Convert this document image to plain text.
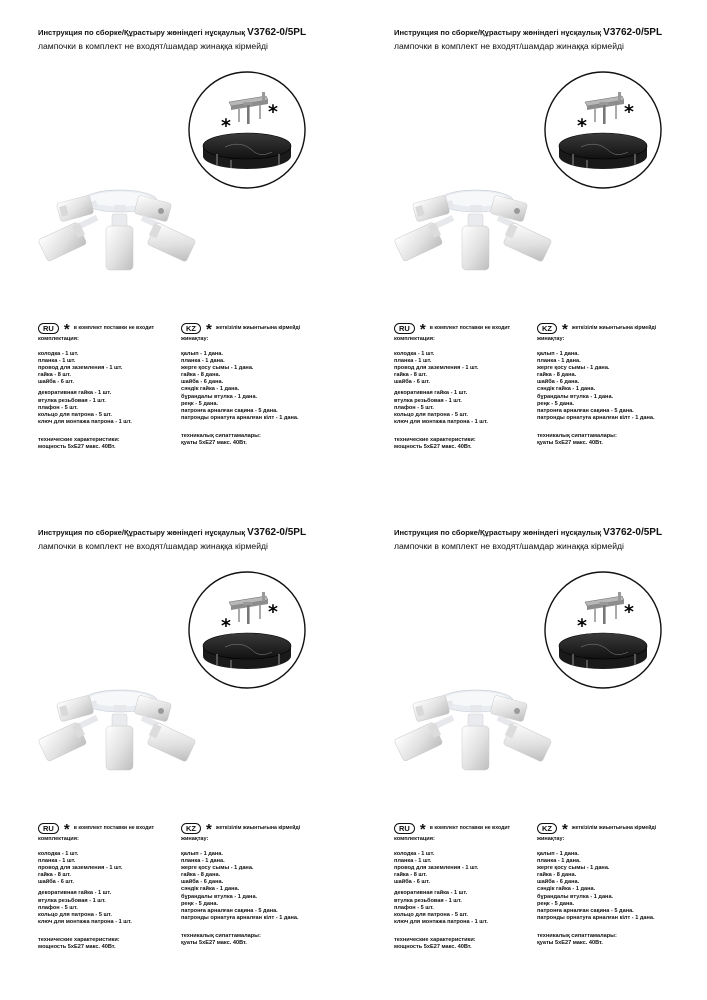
Инструкция по сборке/Құрастыру жөніндегі нұсқаулық V3762-0/5PL
лампочки в комплект не входят/шамдар жинаққа кірмейді
*
*
RU * в комплект поставки не входит
комплектация:
колодка - 1 шт.
планка - 1 шт.
провод для заземления - 1 шт.
гайка - 8 шт.
шайба - 6 шт.
декоративная гайка - 1 шт.
втулка резьбовая - 1 шт.
плафон - 5 шт.
кольцо для патрона - 5 шт.
ключ для монтажа патрона - 1 шт.
технические характеристики:
мощность 5хЕ27 макс. 40Вт.
KZ * жеткізілім жиынтығына кірмейді
жинақтау:
қалып - 1 дана.
планка - 1 дана.
жерге қосу сымы - 1 дана.
гайка - 8 дана.
шайба - 6 дана.
сәндік гайка - 1 дана.
бұрандалы втулка - 1 дана.
реңк - 5 дана.
патронға арналған сақина - 5 дана.
патронды орнатуға арналған кілт - 1 дана.
техникалық сипаттамалары:
қуаты 5хЕ27 макс. 40Вт.
Инструкция по сборке/Құрастыру жөніндегі нұсқаулық V3762-0/5PL
лампочки в комплект не входят/шамдар жинаққа кірмейді
*
*
RU * в комплект поставки не входит
комплектация:
колодка - 1 шт.
планка - 1 шт.
провод для заземления - 1 шт.
гайка - 8 шт.
шайба - 6 шт.
декоративная гайка - 1 шт.
втулка резьбовая - 1 шт.
плафон - 5 шт.
кольцо для патрона - 5 шт.
ключ для монтажа патрона - 1 шт.
технические характеристики:
мощность 5хЕ27 макс. 40Вт.
KZ * жеткізілім жиынтығына кірмейді
жинақтау:
қалып - 1 дана.
планка - 1 дана.
жерге қосу сымы - 1 дана.
гайка - 8 дана.
шайба - 6 дана.
сәндік гайка - 1 дана.
бұрандалы втулка - 1 дана.
реңк - 5 дана.
патронға арналған сақина - 5 дана.
патронды орнатуға арналған кілт - 1 дана.
техникалық сипаттамалары:
қуаты 5хЕ27 макс. 40Вт.
Инструкция по сборке/Құрастыру жөніндегі нұсқаулық V3762-0/5PL
лампочки в комплект не входят/шамдар жинаққа кірмейді
*
*
RU * в комплект поставки не входит
комплектация:
колодка - 1 шт.
планка - 1 шт.
провод для заземления - 1 шт.
гайка - 8 шт.
шайба - 6 шт.
декоративная гайка - 1 шт.
втулка резьбовая - 1 шт.
плафон - 5 шт.
кольцо для патрона - 5 шт.
ключ для монтажа патрона - 1 шт.
технические характеристики:
мощность 5хЕ27 макс. 40Вт.
KZ * жеткізілім жиынтығына кірмейді
жинақтау:
қалып - 1 дана.
планка - 1 дана.
жерге қосу сымы - 1 дана.
гайка - 8 дана.
шайба - 6 дана.
сәндік гайка - 1 дана.
бұрандалы втулка - 1 дана.
реңк - 5 дана.
патронға арналған сақина - 5 дана.
патронды орнатуға арналған кілт - 1 дана.
техникалық сипаттамалары:
қуаты 5хЕ27 макс. 40Вт.
Инструкция по сборке/Құрастыру жөніндегі нұсқаулық V3762-0/5PL
лампочки в комплект не входят/шамдар жинаққа кірмейді
*
*
RU * в комплект поставки не входит
комплектация:
колодка - 1 шт.
планка - 1 шт.
провод для заземления - 1 шт.
гайка - 8 шт.
шайба - 6 шт.
декоративная гайка - 1 шт.
втулка резьбовая - 1 шт.
плафон - 5 шт.
кольцо для патрона - 5 шт.
ключ для монтажа патрона - 1 шт.
технические характеристики:
мощность 5хЕ27 макс. 40Вт.
KZ * жеткізілім жиынтығына кірмейді
жинақтау:
қалып - 1 дана.
планка - 1 дана.
жерге қосу сымы - 1 дана.
гайка - 8 дана.
шайба - 6 дана.
сәндік гайка - 1 дана.
бұрандалы втулка - 1 дана.
реңк - 5 дана.
патронға арналған сақина - 5 дана.
патронды орнатуға арналған кілт - 1 дана.
техникалық сипаттамалары:
қуаты 5хЕ27 макс. 40Вт.
